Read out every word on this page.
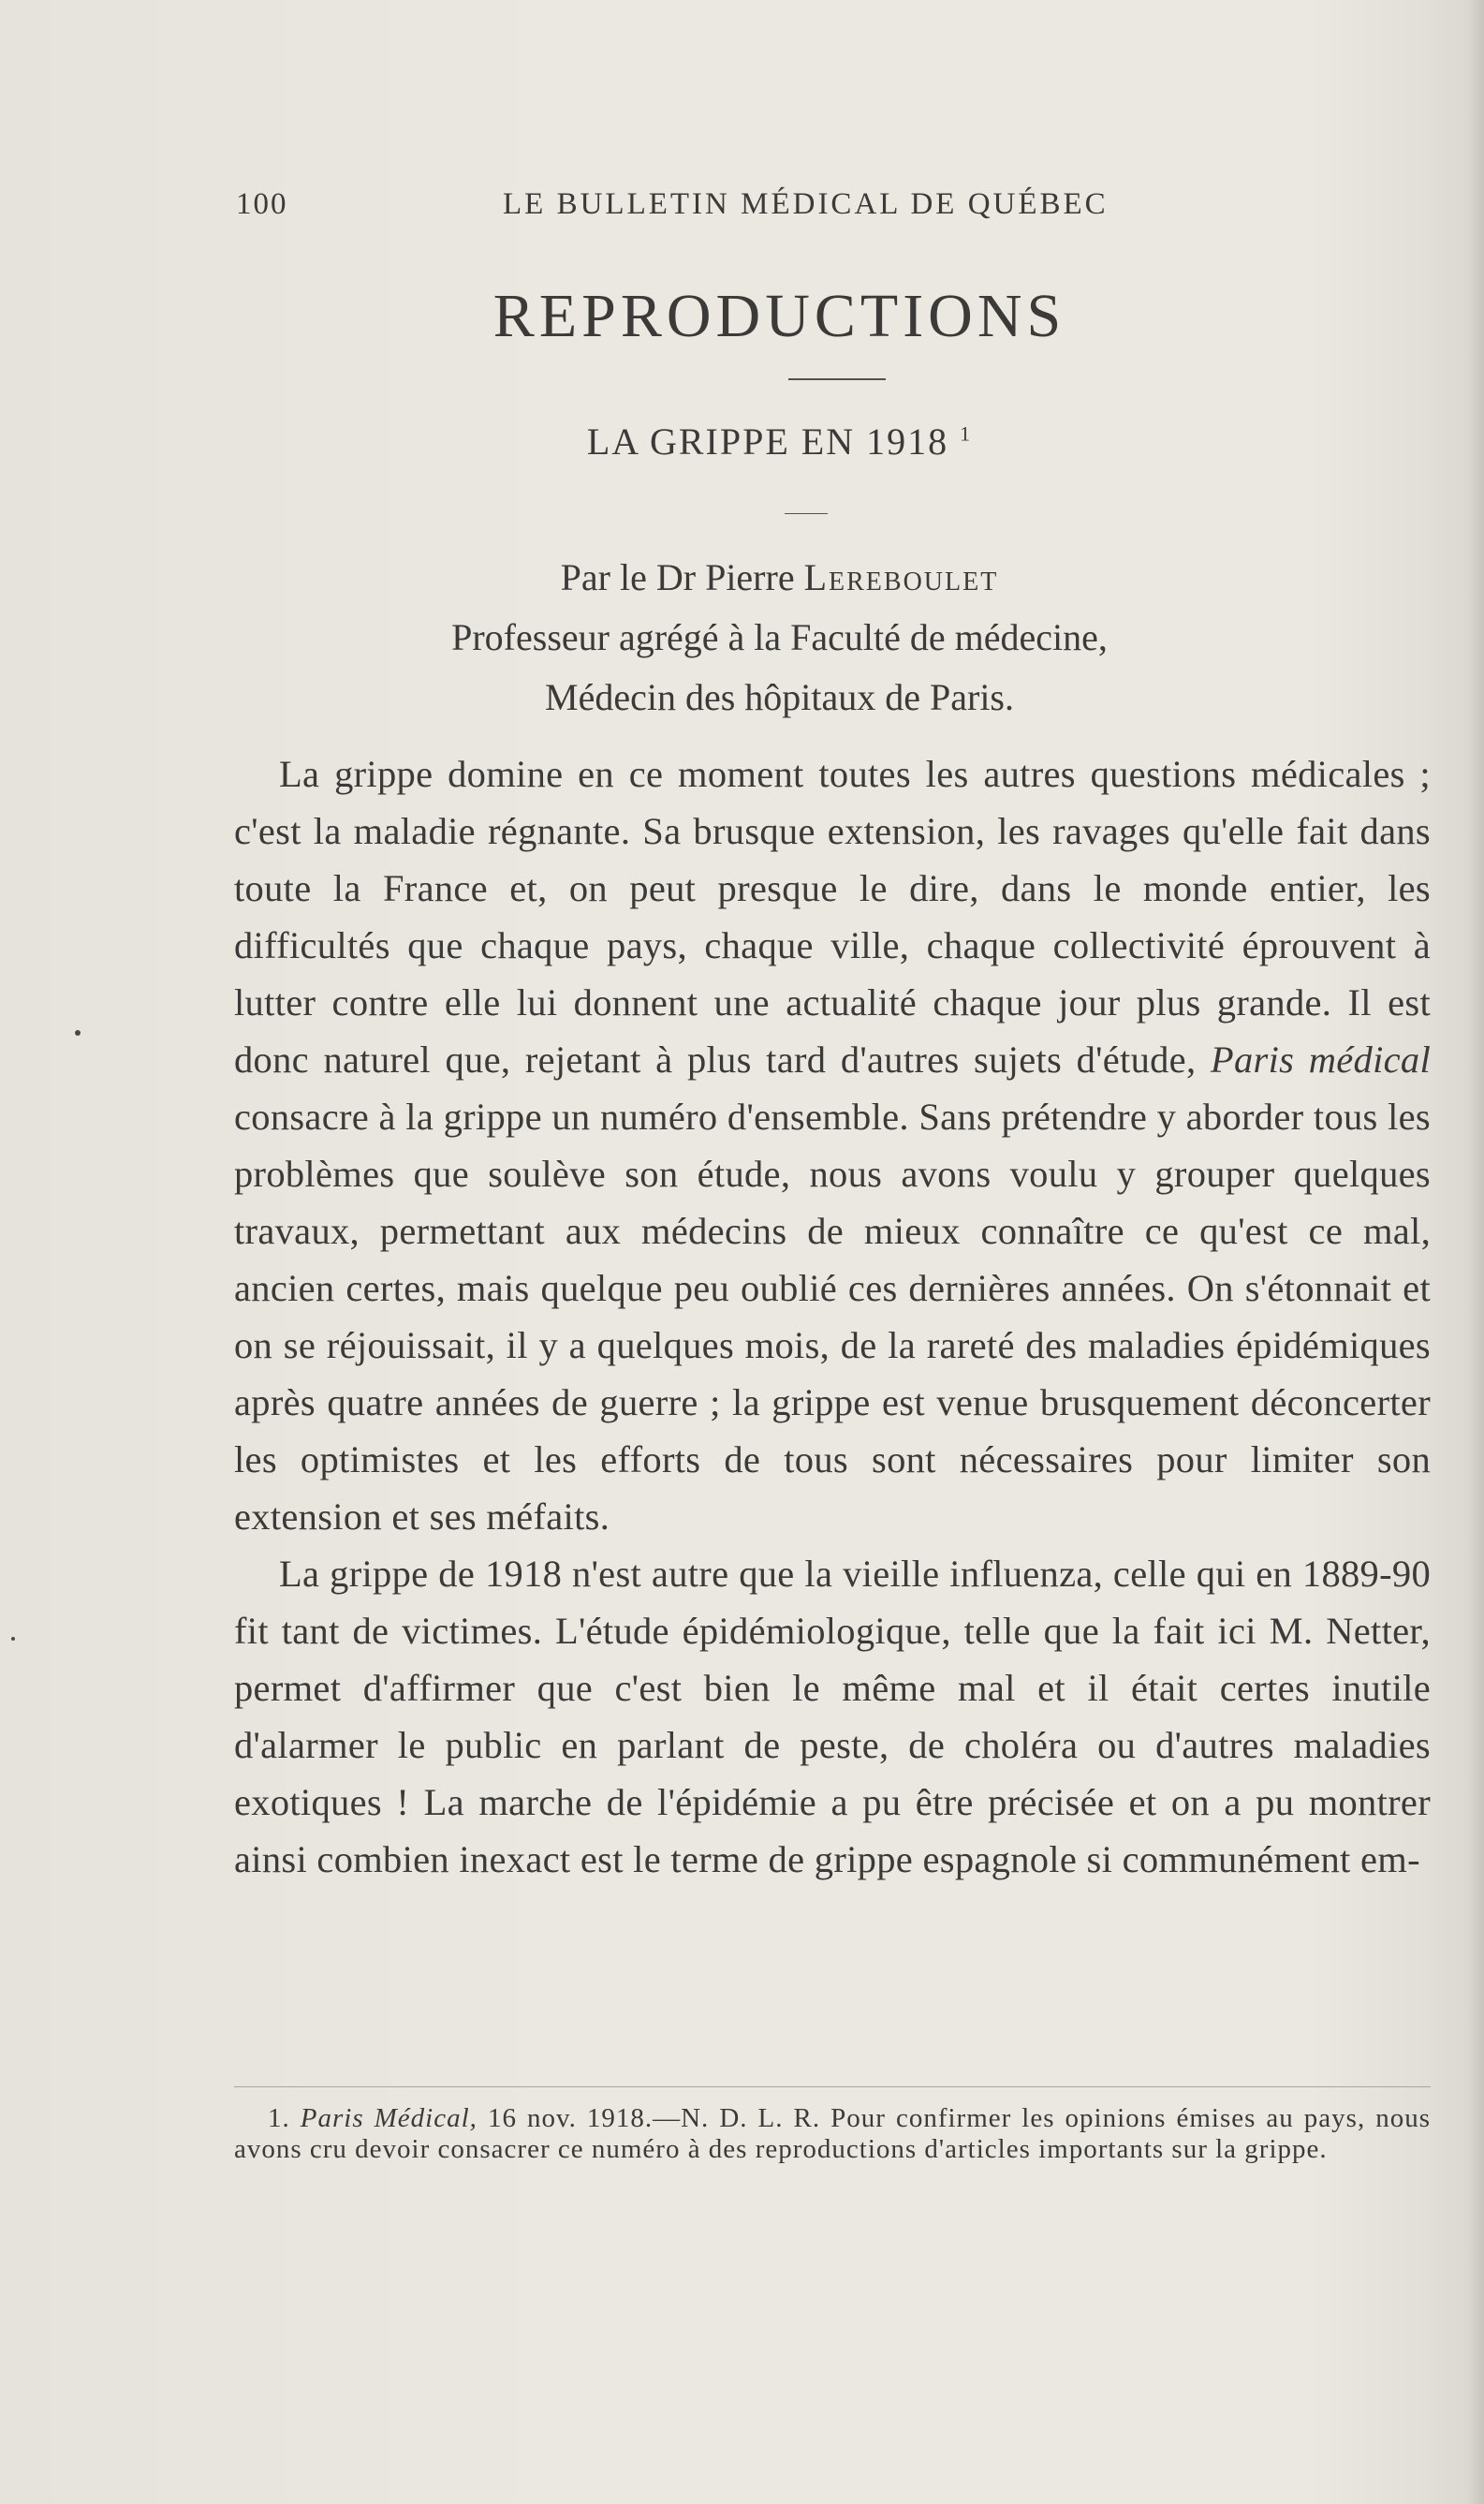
100	LE BULLETIN MÉDICAL DE QUÉBEC
REPRODUCTIONS
LA GRIPPE EN 1918 $^1$
Par le Dr Pierre Lereboulet
Professeur agrégé à la Faculté de médecine,
Médecin des hôpitaux de Paris.

La grippe domine en ce moment toutes les autres questions médicales ; c'est la maladie régnante. Sa brusque extension, les ravages qu'elle fait dans toute la France et, on peut presque le dire, dans le monde entier, les difficultés que chaque pays, chaque ville, chaque collectivité éprouvent à lutter contre elle lui donnent une actualité chaque jour plus grande. Il est donc naturel que, rejetant à plus tard d'autres sujets d'étude, Paris médical consacre à la grippe un numéro d'ensemble. Sans prétendre y aborder tous les problèmes que soulève son étude, nous avons voulu y grouper quelques travaux, permettant aux médecins de mieux connaître ce qu'est ce mal, ancien certes, mais quelque peu oublié ces dernières années. On s'étonnait et on se réjouissait, il y a quelques mois, de la rareté des maladies épidémiques après quatre années de guerre ; la grippe est venue brusquement déconcerter les optimistes et les efforts de tous sont nécessaires pour limiter son extension et ses méfaits.

La grippe de 1918 n'est autre que la vieille influenza, celle qui en 1889-90 fit tant de victimes. L'étude épidémiologique, telle que la fait ici M. Netter, permet d'affirmer que c'est bien le même mal et il était certes inutile d'alarmer le public en parlant de peste, de choléra ou d'autres maladies exotiques ! La marche de l'épidémie a pu être précisée et on a pu montrer ainsi combien inexact est le terme de grippe espagnole si communément em-

1. Paris Médical, 16 nov. 1918.—N. D. L. R. Pour confirmer les opinions émises au pays, nous avons cru devoir consacrer ce numéro à des reproductions d'articles importants sur la grippe.
